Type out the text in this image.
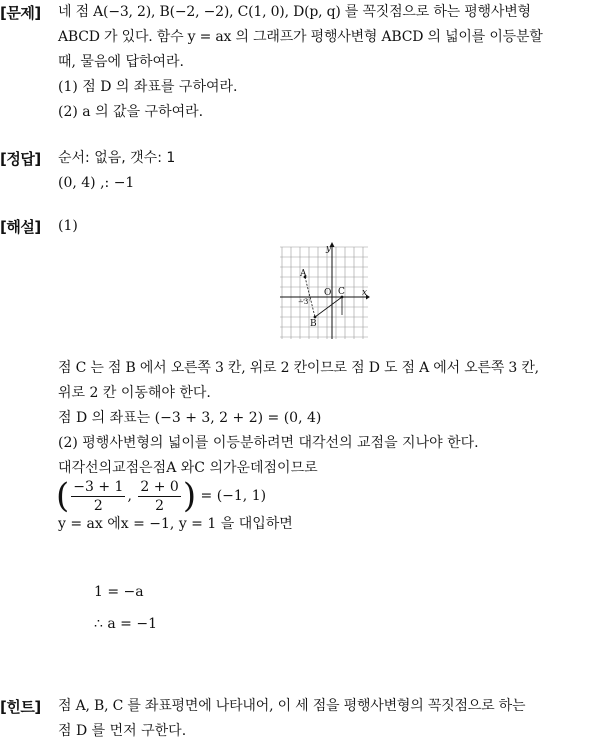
[문제] 네 점 A(−3, 2), B(−2, −2), C(1, 0), D(p, q) 를 꼭짓점으로 하는 평행사변형
ABCD 가 있다. 함수 y = ax 의 그래프가 평행사변형 ABCD 의 넓이를 이등분할
때, 물음에 답하여라.
(1) 점 D 의 좌표를 구하여라.
(2) a 의 값을 구하여라.
[정답] 순서: 없음, 갯수: 1
(0, 4) ,: −1
[해설] (1)
y
x
A
B
C
O
−3
점 C 는 점 B 에서 오른쪽 3 칸, 위로 2 칸이므로 점 D 도 점 A 에서 오른쪽 3 칸,
위로 2 칸 이동해야 한다.
점 D 의 좌표는 (−3 + 3, 2 + 2) = (0, 4)
(2) 평행사변형의 넓이를 이등분하려면 대각선의 교점을 지나야 한다.
대각선의교점은점A 와C 의가운데점이므로
( $\frac{-3 + 1}{2}$ , $\frac{2 + 0}{2}$ ) = (−1, 1)
y = ax 에x = −1, y = 1 을 대입하면
1 = −a
∴ a = −1
[힌트] 점 A, B, C 를 좌표평면에 나타내어, 이 세 점을 평행사변형의 꼭짓점으로 하는
점 D 를 먼저 구한다.
